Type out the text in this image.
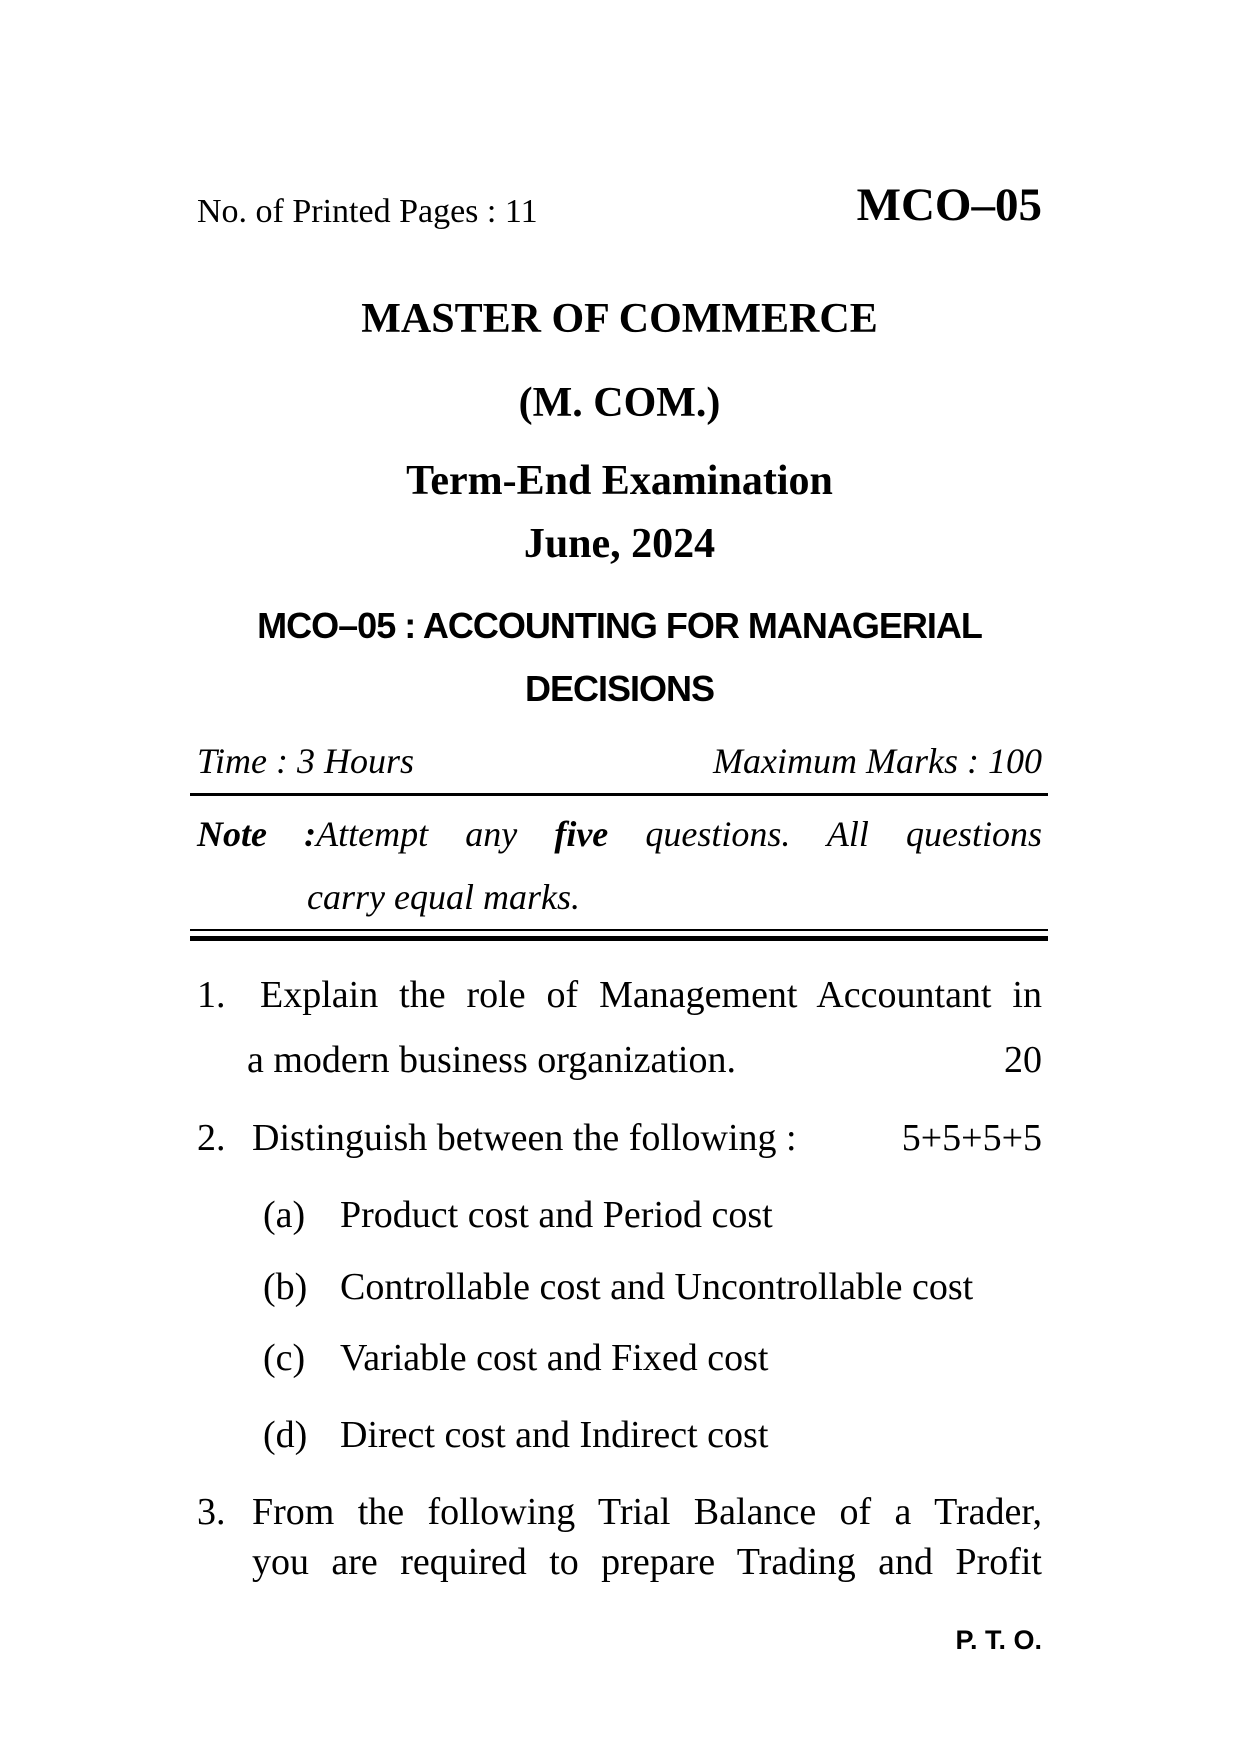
No. of Printed Pages : 11	MCO–05
MASTER OF COMMERCE
(M. COM.)
Term-End Examination
June, 2024
MCO–05 : ACCOUNTING FOR MANAGERIAL
DECISIONS
Time : 3 Hours	Maximum Marks : 100
Note :Attempt any five questions. All questions
carry equal marks.
1. Explain the role of Management Accountant in
a modern business organization.	20
2. Distinguish between the following :	5+5+5+5
(a) Product cost and Period cost
(b) Controllable cost and Uncontrollable cost
(c) Variable cost and Fixed cost
(d) Direct cost and Indirect cost
3. From the following Trial Balance of a Trader,
you are required to prepare Trading and Profit
P. T. O.
